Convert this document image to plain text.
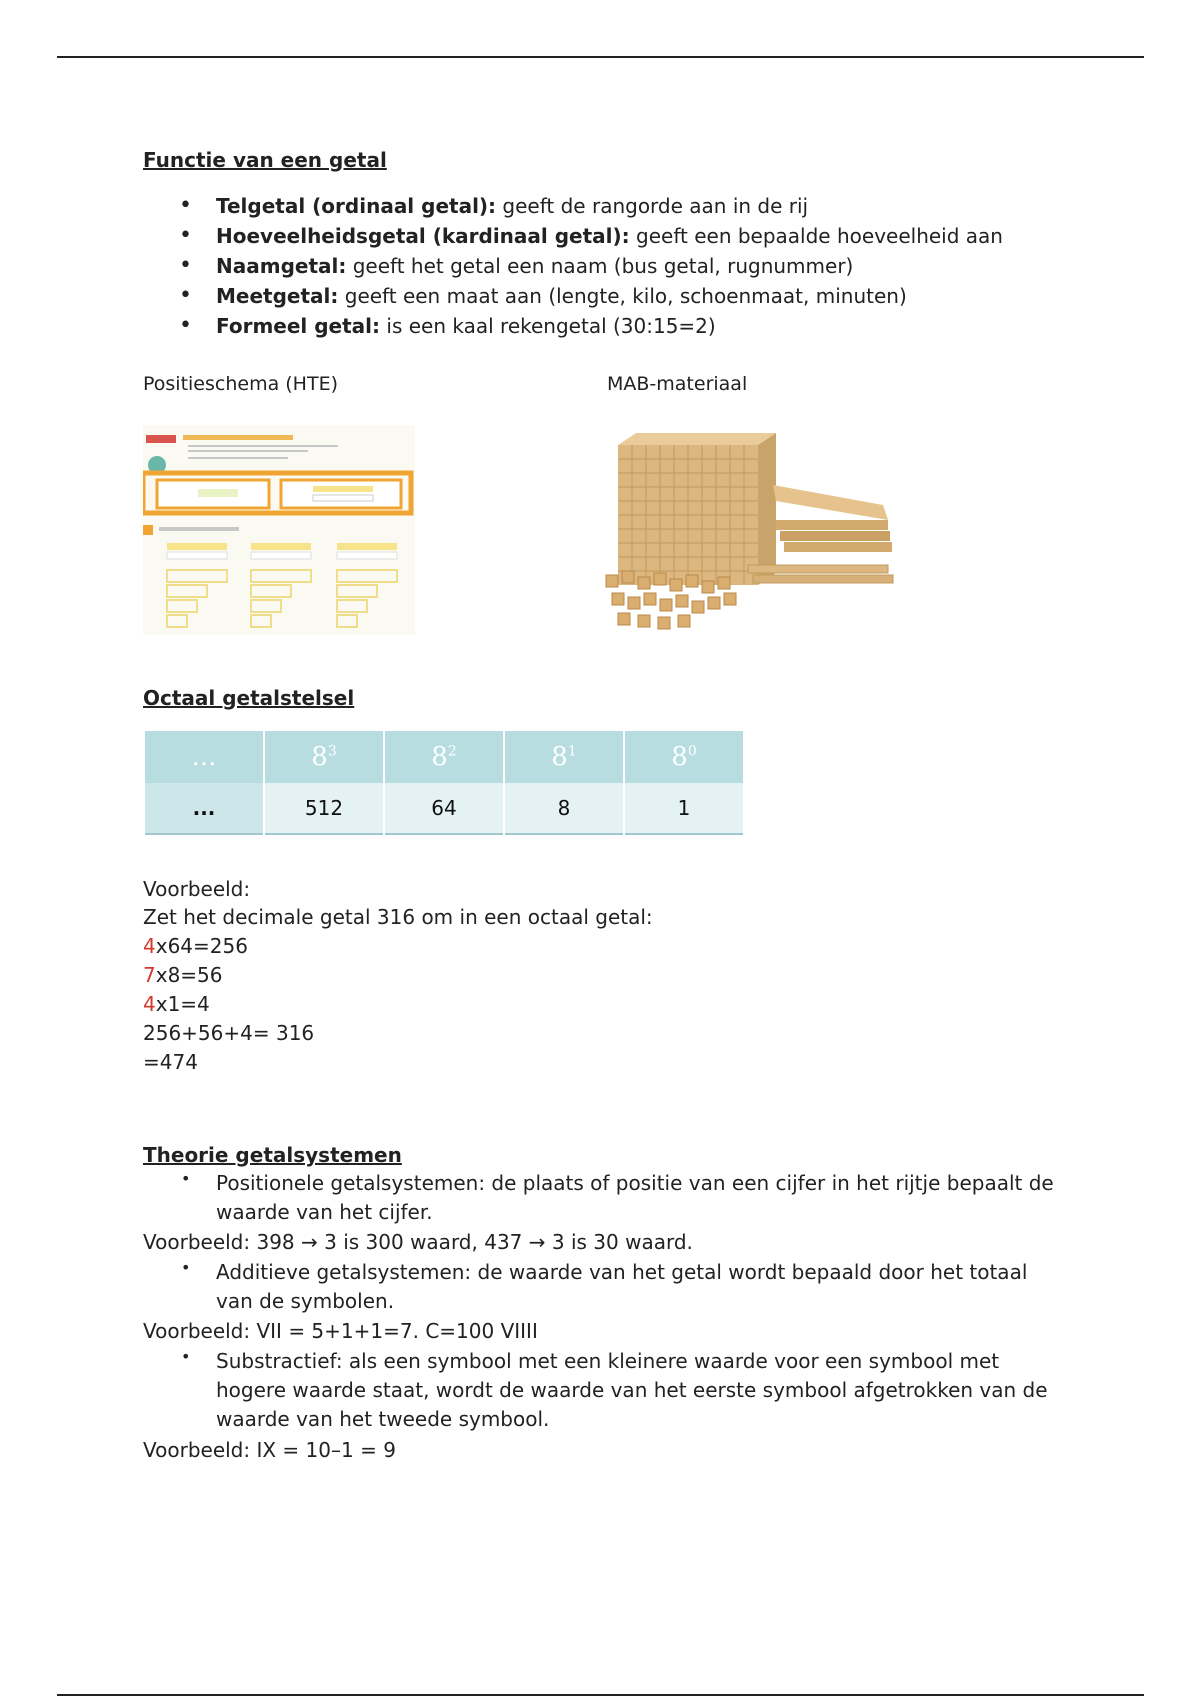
Functie van een getal
• Telgetal (ordinaal getal): geeft de rangorde aan in de rij
• Hoeveelheidsgetal (kardinaal getal): geeft een bepaalde hoeveelheid aan
• Naamgetal: geeft het getal een naam (bus getal, rugnummer)
• Meetgetal: geeft een maat aan (lengte, kilo, schoenmaat, minuten)
• Formeel getal: is een kaal rekengetal (30:15=2)
Positieschema (HTE)	MAB-materiaal
Octaal getalstelsel
...	$8^3$	$8^2$	$8^1$	$8^0$
...	512	64	8	1
Voorbeeld:
Zet het decimale getal 316 om in een octaal getal:
4x64=256
7x8=56
4x1=4
256+56+4= 316
=474
Theorie getalsystemen
• Positionele getalsystemen: de plaats of positie van een cijfer in het rijtje bepaalt de waarde van het cijfer.
Voorbeeld: 398 → 3 is 300 waard, 437 → 3 is 30 waard.
• Additieve getalsystemen: de waarde van het getal wordt bepaald door het totaal van de symbolen.
Voorbeeld: VII = 5+1+1=7. C=100 VIIII
• Substractief: als een symbool met een kleinere waarde voor een symbool met hogere waarde staat, wordt de waarde van het eerste symbool afgetrokken van de waarde van het tweede symbool.
Voorbeeld: IX = 10–1 = 9
